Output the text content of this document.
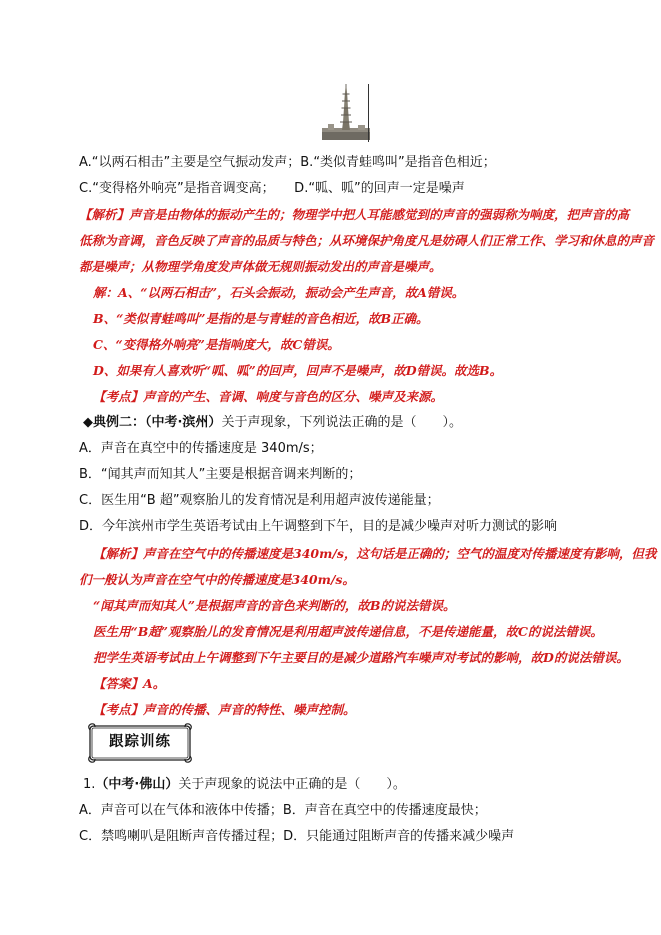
A.“以两石相击”主要是空气振动发声；B.“类似青蛙鸣叫”是指音色相近；
C.“变得格外响亮”是指音调变高；　　D.“呱、呱”的回声一定是噪声
【解析】声音是由物体的振动产生的；物理学中把人耳能感觉到的声音的强弱称为响度，把声音的高
低称为音调，音色反映了声音的品质与特色；从环境保护角度凡是妨碍人们正常工作、学习和休息的声音
都是噪声；从物理学角度发声体做无规则振动发出的声音是噪声。
解：A、“以两石相击”，石头会振动，振动会产生声音，故A错误。
B、“类似青蛙鸣叫”是指的是与青蛙的音色相近，故B正确。
C、“变得格外响亮”是指响度大，故C错误。
D、如果有人喜欢听“呱、呱”的回声，回声不是噪声，故D错误。故选B。
【考点】声音的产生、音调、响度与音色的区分、噪声及来源。
◆典例二：（中考·滨州）关于声现象，下列说法正确的是（　　）。
A．声音在真空中的传播速度是 340m/s；
B．“闻其声而知其人”主要是根据音调来判断的；
C．医生用“B 超”观察胎儿的发育情况是利用超声波传递能量；
D．今年滨州市学生英语考试由上午调整到下午，目的是减少噪声对听力测试的影响
【解析】声音在空气中的传播速度是340m/s，这句话是正确的；空气的温度对传播速度有影响，但我
们一般认为声音在空气中的传播速度是340m/s。
“闻其声而知其人”是根据声音的音色来判断的，故B的说法错误。
医生用“B超”观察胎儿的发育情况是利用超声波传递信息，不是传递能量，故C的说法错误。
把学生英语考试由上午调整到下午主要目的是减少道路汽车噪声对考试的影响，故D的说法错误。
【答案】A。
【考点】声音的传播、声音的特性、噪声控制。
跟踪训练
1.（中考·佛山）关于声现象的说法中正确的是（　　）。
A．声音可以在气体和液体中传播；B．声音在真空中的传播速度最快；
C．禁鸣喇叭是阻断声音传播过程；D．只能通过阻断声音的传播来减少噪声
